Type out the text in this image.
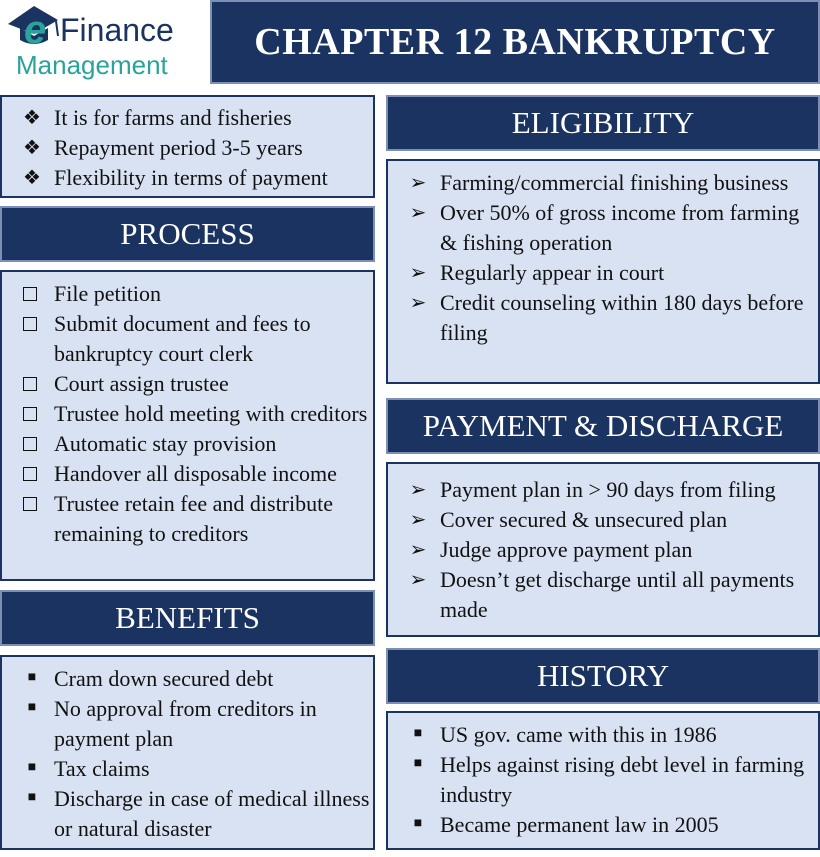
e Finance
Management
CHAPTER 12 BANKRUPTCY
❖ It is for farms and fisheries
❖ Repayment period 3-5 years
❖ Flexibility in terms of payment
PROCESS
File petition
Submit document and fees to bankruptcy court clerk
Court assign trustee
Trustee hold meeting with creditors
Automatic stay provision
Handover all disposable income
Trustee retain fee and distribute remaining to creditors
BENEFITS
■ Cram down secured debt
■ No approval from creditors in payment plan
■ Tax claims
■ Discharge in case of medical illness or natural disaster
ELIGIBILITY
➢ Farming/commercial finishing business
➢ Over 50% of gross income from farming & fishing operation
➢ Regularly appear in court
➢ Credit counseling within 180 days before filing
PAYMENT & DISCHARGE
➢ Payment plan in > 90 days from filing
➢ Cover secured & unsecured plan
➢ Judge approve payment plan
➢ Doesn’t get discharge until all payments made
HISTORY
■ US gov. came with this in 1986
■ Helps against rising debt level in farming industry
■ Became permanent law in 2005
